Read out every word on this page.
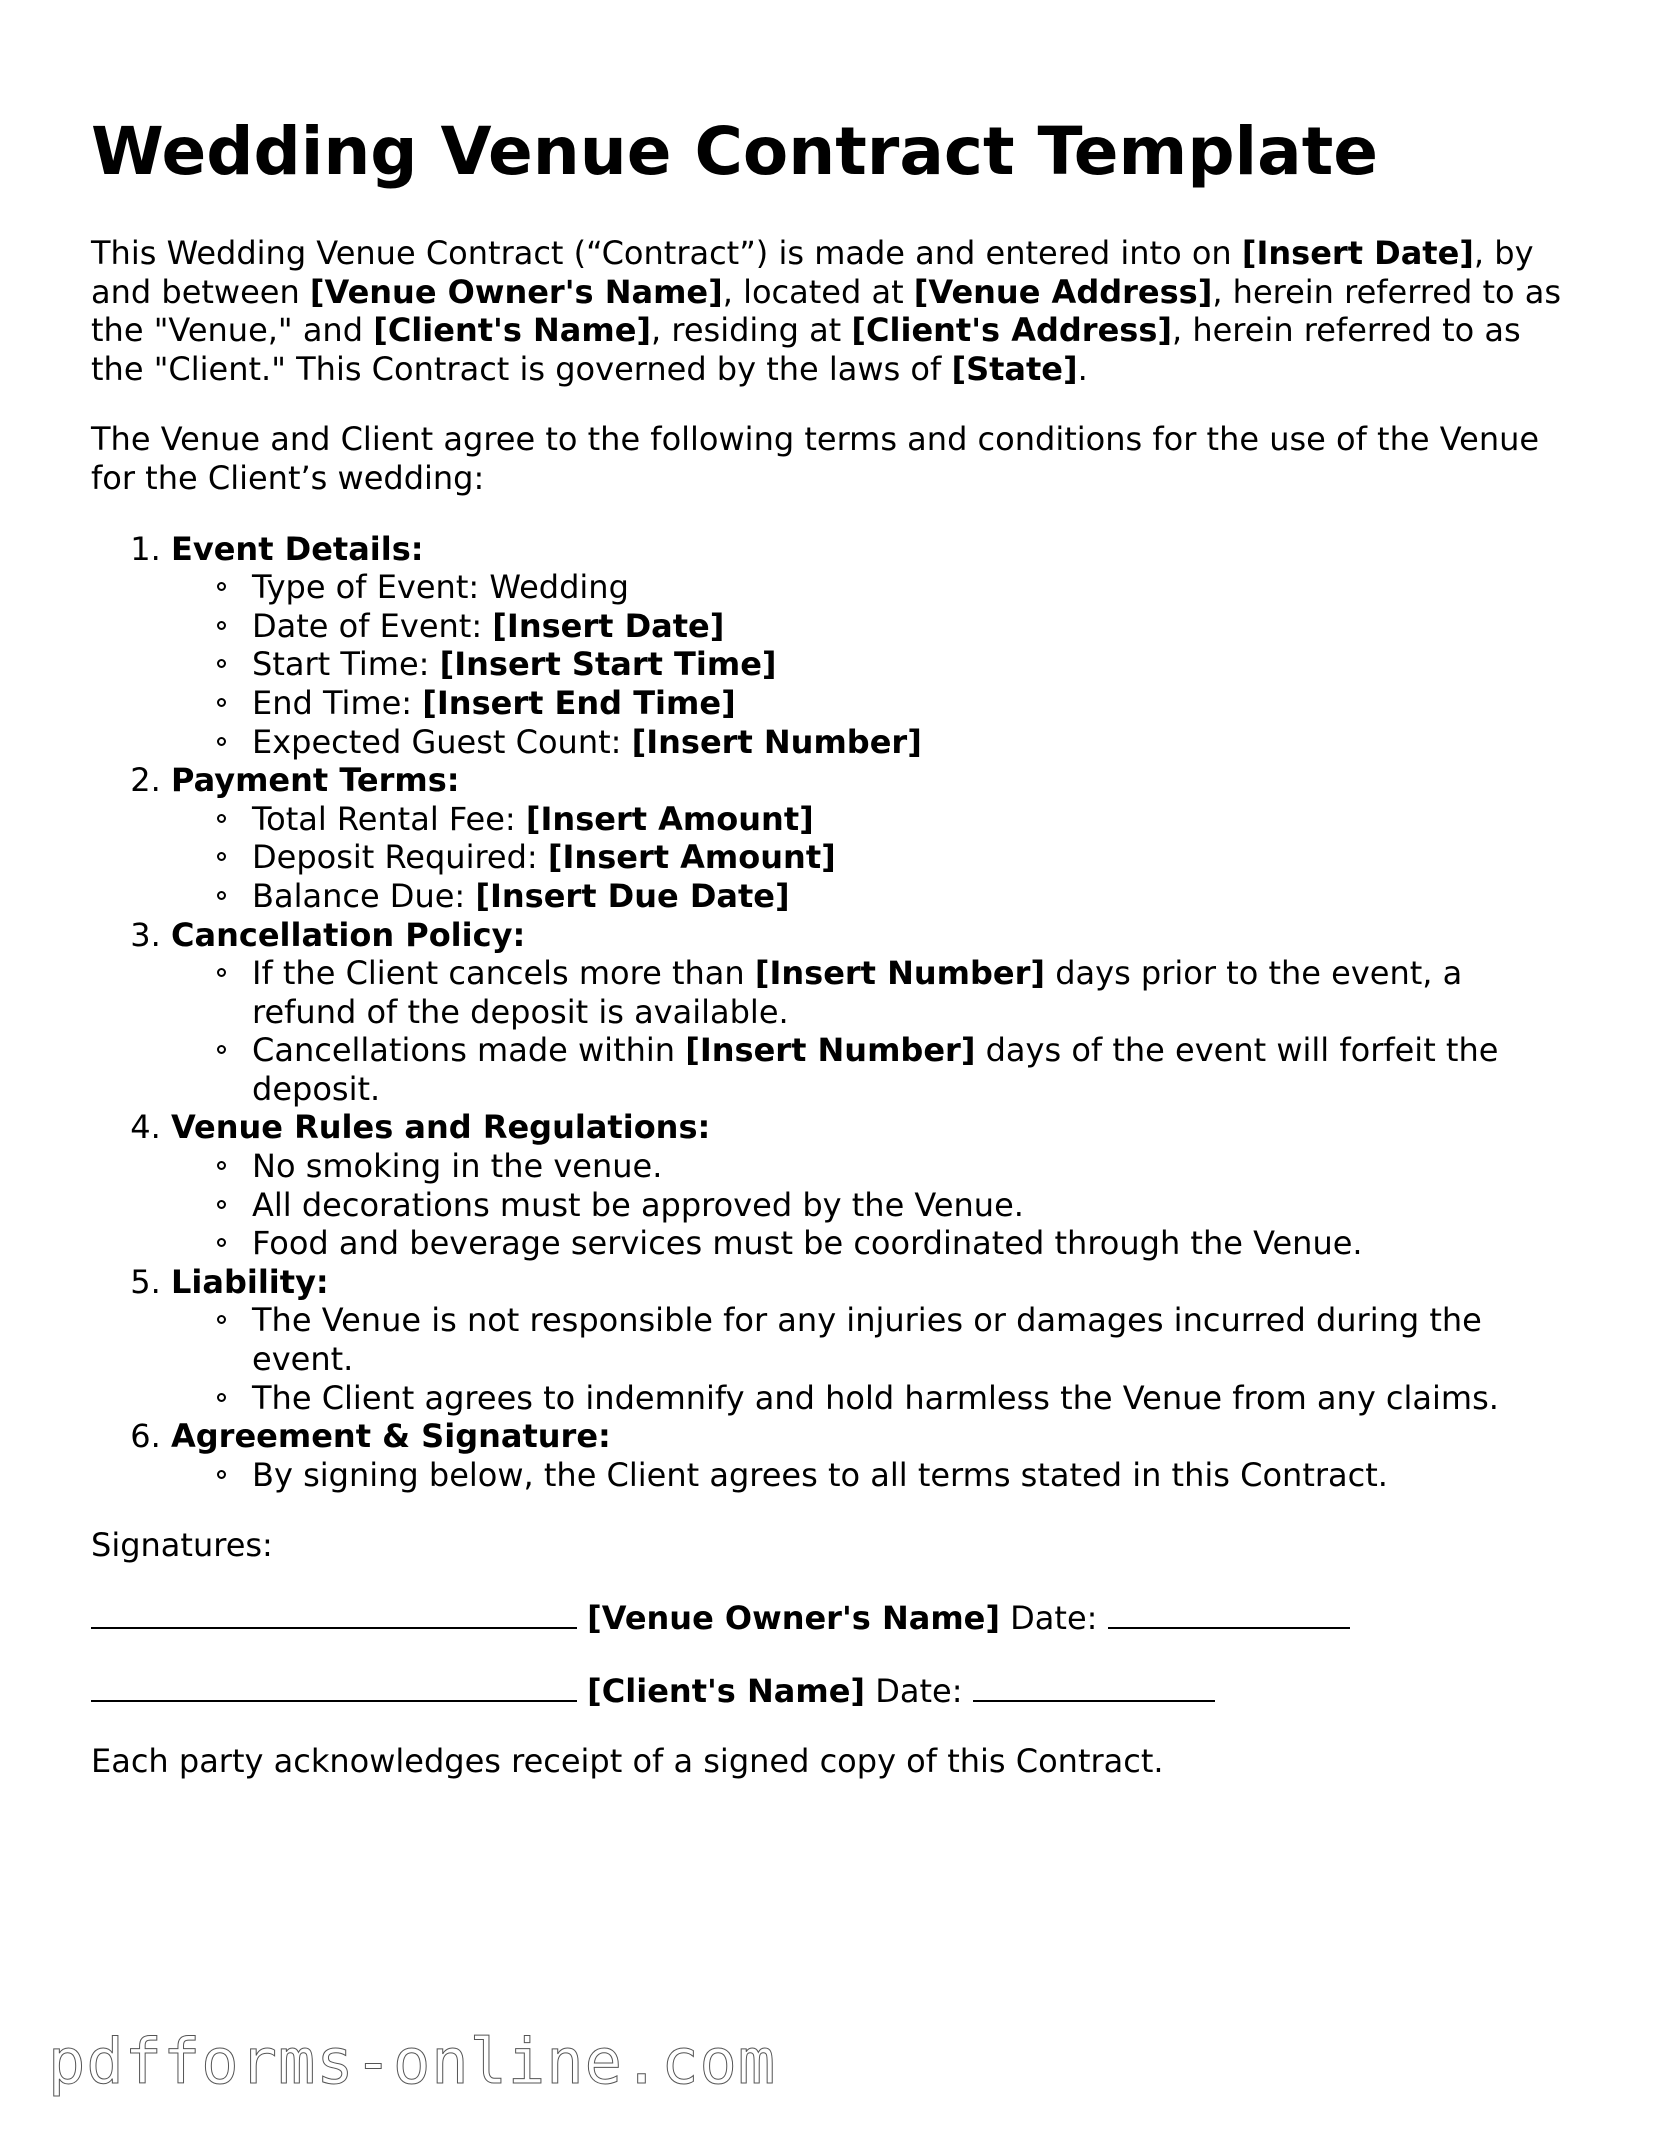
Wedding Venue Contract Template

This Wedding Venue Contract (“Contract”) is made and entered into on [Insert Date], by and between [Venue Owner's Name], located at [Venue Address], herein referred to as the "Venue," and [Client's Name], residing at [Client's Address], herein referred to as the "Client." This Contract is governed by the laws of [State].

The Venue and Client agree to the following terms and conditions for the use of the Venue for the Client’s wedding:

1. Event Details:
Type of Event: Wedding
Date of Event: [Insert Date]
Start Time: [Insert Start Time]
End Time: [Insert End Time]
Expected Guest Count: [Insert Number]
2. Payment Terms:
Total Rental Fee: [Insert Amount]
Deposit Required: [Insert Amount]
Balance Due: [Insert Due Date]
3. Cancellation Policy:
If the Client cancels more than [Insert Number] days prior to the event, a refund of the deposit is available.
Cancellations made within [Insert Number] days of the event will forfeit the deposit.
4. Venue Rules and Regulations:
No smoking in the venue.
All decorations must be approved by the Venue.
Food and beverage services must be coordinated through the Venue.
5. Liability:
The Venue is not responsible for any injuries or damages incurred during the event.
The Client agrees to indemnify and hold harmless the Venue from any claims.
6. Agreement & Signature:
By signing below, the Client agrees to all terms stated in this Contract.

Signatures:

[Venue Owner's Name] Date:
[Client's Name] Date:

Each party acknowledges receipt of a signed copy of this Contract.

pdfforms-online.com
